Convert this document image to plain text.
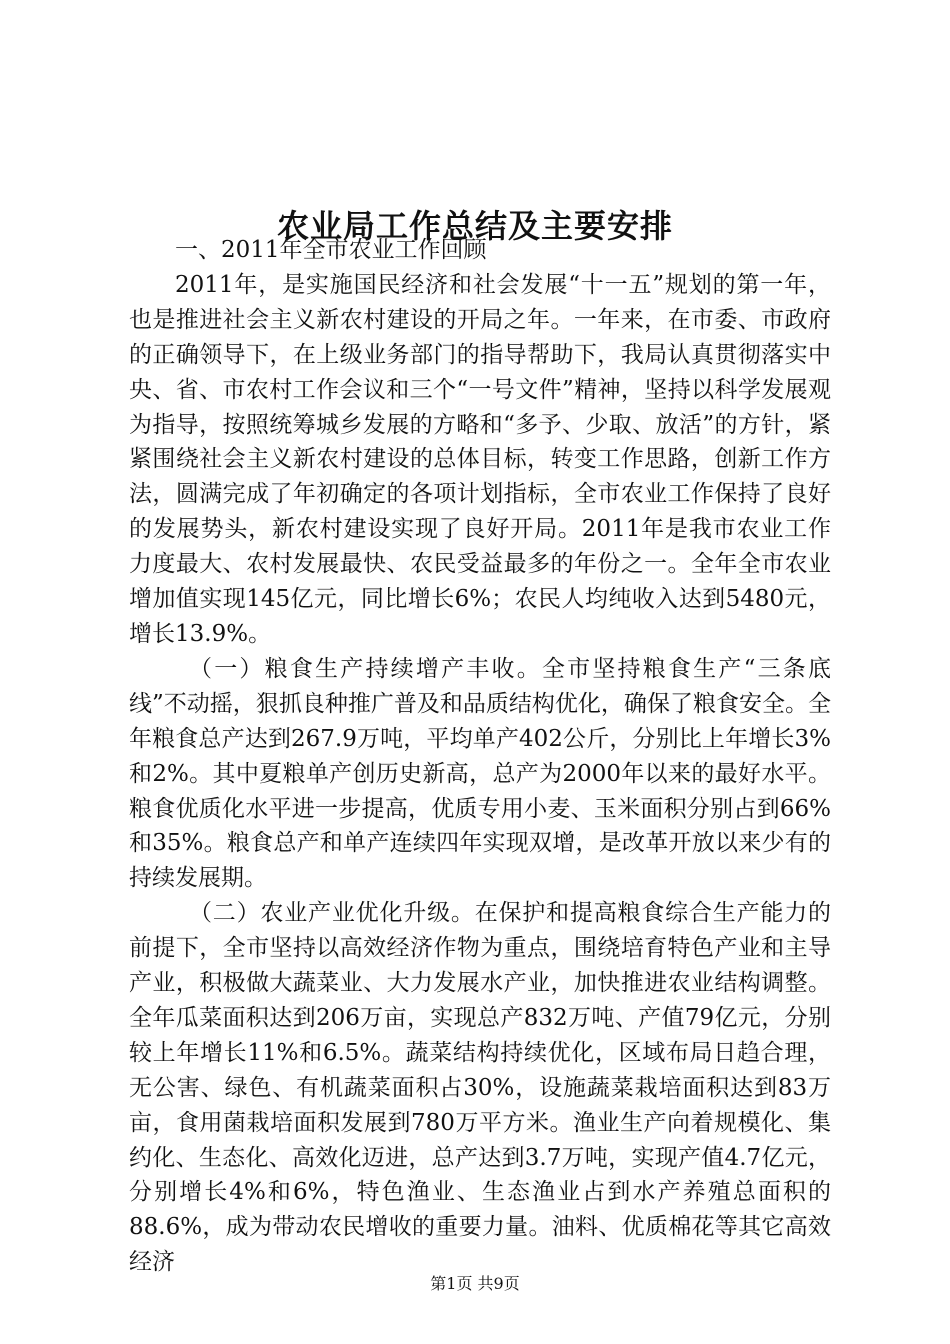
农业局工作总结及主要安排

一、2011年全市农业工作回顾

2011年，是实施国民经济和社会发展“十一五”规划的第一年，也是推进社会主义新农村建设的开局之年。一年来，在市委、市政府的正确领导下，在上级业务部门的指导帮助下，我局认真贯彻落实中央、省、市农村工作会议和三个“一号文件”精神，坚持以科学发展观为指导，按照统筹城乡发展的方略和“多予、少取、放活”的方针，紧紧围绕社会主义新农村建设的总体目标，转变工作思路，创新工作方法，圆满完成了年初确定的各项计划指标，全市农业工作保持了良好的发展势头，新农村建设实现了良好开局。2011年是我市农业工作力度最大、农村发展最快、农民受益最多的年份之一。全年全市农业增加值实现145亿元，同比增长6%；农民人均纯收入达到5480元，增长13.9%。

（一）粮食生产持续增产丰收。全市坚持粮食生产“三条底线”不动摇，狠抓良种推广普及和品质结构优化，确保了粮食安全。全年粮食总产达到267.9万吨，平均单产402公斤，分别比上年增长3%和2%。其中夏粮单产创历史新高，总产为2000年以来的最好水平。粮食优质化水平进一步提高，优质专用小麦、玉米面积分别占到66%和35%。粮食总产和单产连续四年实现双增，是改革开放以来少有的持续发展期。

（二）农业产业优化升级。在保护和提高粮食综合生产能力的前提下，全市坚持以高效经济作物为重点，围绕培育特色产业和主导产业，积极做大蔬菜业、大力发展水产业，加快推进农业结构调整。全年瓜菜面积达到206万亩，实现总产832万吨、产值79亿元，分别较上年增长11%和6.5%。蔬菜结构持续优化，区域布局日趋合理，无公害、绿色、有机蔬菜面积占30%，设施蔬菜栽培面积达到83万亩，食用菌栽培面积发展到780万平方米。渔业生产向着规模化、集约化、生态化、高效化迈进，总产达到3.7万吨，实现产值4.7亿元，分别增长4%和6%，特色渔业、生态渔业占到水产养殖总面积的88.6%，成为带动农民增收的重要力量。油料、优质棉花等其它高效经济

第1页 共9页
